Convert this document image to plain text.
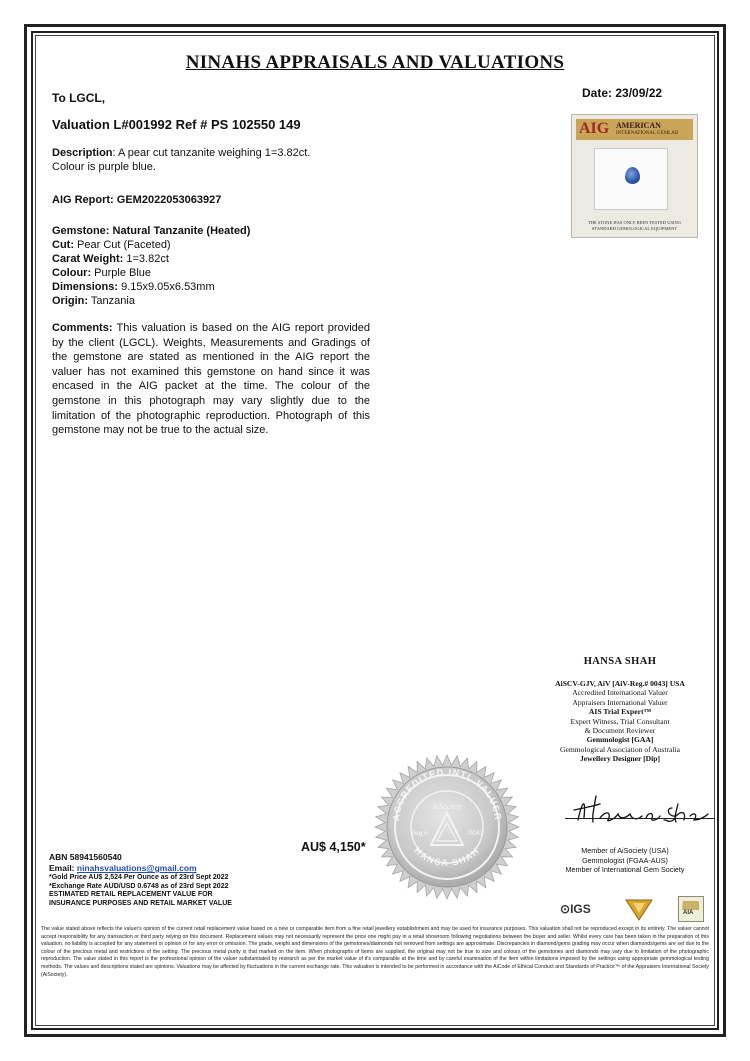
NINAHS APPRAISALS AND VALUATIONS
To LGCL,	Date: 23/09/22
Valuation L#001992 Ref # PS 102550 149
Description: A pear cut tanzanite weighing 1=3.82ct.
Colour is purple blue.
AIG Report: GEM2022053063927
Gemstone: Natural Tanzanite (Heated)
Cut: Pear Cut (Faceted)
Carat Weight: 1=3.82ct
Colour: Purple Blue
Dimensions: 9.15x9.05x6.53mm
Origin: Tanzania
Comments: This valuation is based on the AIG report provided by the client (LGCL). Weights, Measurements and Gradings of the gemstone are stated as mentioned in the AIG report the valuer has not examined this gemstone on hand since it was encased in the AIG packet at the time. The colour of the gemstone in this photograph may vary slightly due to the limitation of the photographic reproduction. Photograph of this gemstone may not be true to the actual size.
AIG AMERICAN
INTERNATIONAL GEMLAB
THE STONE HAS ONLY BEEN TESTED USING STANDARD GEMOLOGICAL EQUIPMENT
HANSA SHAH
AiSCV-GJV, AiV [AiV-Reg.# 0043] USA
Accredited International Valuer
Appraisers International Valuer
AIS Trial Expert™
Expert Witness, Trial Consultant
& Document Reviewer
Gemmologist [GAA]
Gemmological Association of Australia
Jewellery Designer [Dip]
Member of AiSociety (USA)
Gemmologist (FGAA-AUS)
Member of International Gem Society
⊙IGS	AIA
ACCREDITED INTL VALUER
HANSA SHAH
AiSociety
Reg #	0043
AU$ 4,150*
ABN 58941560540
Email: ninahsvaluations@gmail.com
*Gold Price AU$ 2,524 Per Ounce as of 23rd Sept 2022
*Exchange Rate AUD/USD 0.6748 as of 23rd Sept 2022
ESTIMATED RETAIL REPLACEMENT VALUE FOR
INSURANCE PURPOSES AND RETAIL MARKET VALUE
The value stated above reflects the valuer's opinion of the current retail replacement value based on a new or comparable item from a fine retail jewellery establishment and may be used for insurance purposes. This valuation shall not be reproduced except in its entirety. The valuer cannot accept responsibility for any transaction or third party relying on this document. Replacement values may not necessarily represent the price one might pay in a retail showroom following negotiations between the buyer and seller. Whilst every care has been taken in the preparation of this valuation, no liability is accepted for any statement or opinion or for any error or omission. The grade, weight and dimensions of the gemstones/diamonds not removed from settings are approximate. Discrepancies in diamond/gems grading may occur when diamonds/gems are set due to the colour of the precious metal and restrictions of the setting. The precious metal purity is that marked on the item. When photographs of items are supplied, the original may not be true to size and colours of the gemstones and diamonds may vary due to limitation of the photographic reproduction. The value stated in this report is the professional opinion of the valuer substantiated by research as per the market value of it's comparable at the time and by careful examination of the item within limitations imposed by the settings using appropriate gemmological testing methods. The values and descriptions stated are opinions. Valuations may be affected by fluctuations in the current exchange rate. This valuation is intended to be performed in accordance with the AiCode of Ethical Conduct and Standards of Practice™ of the Appraisers International Society (AiSociety).
